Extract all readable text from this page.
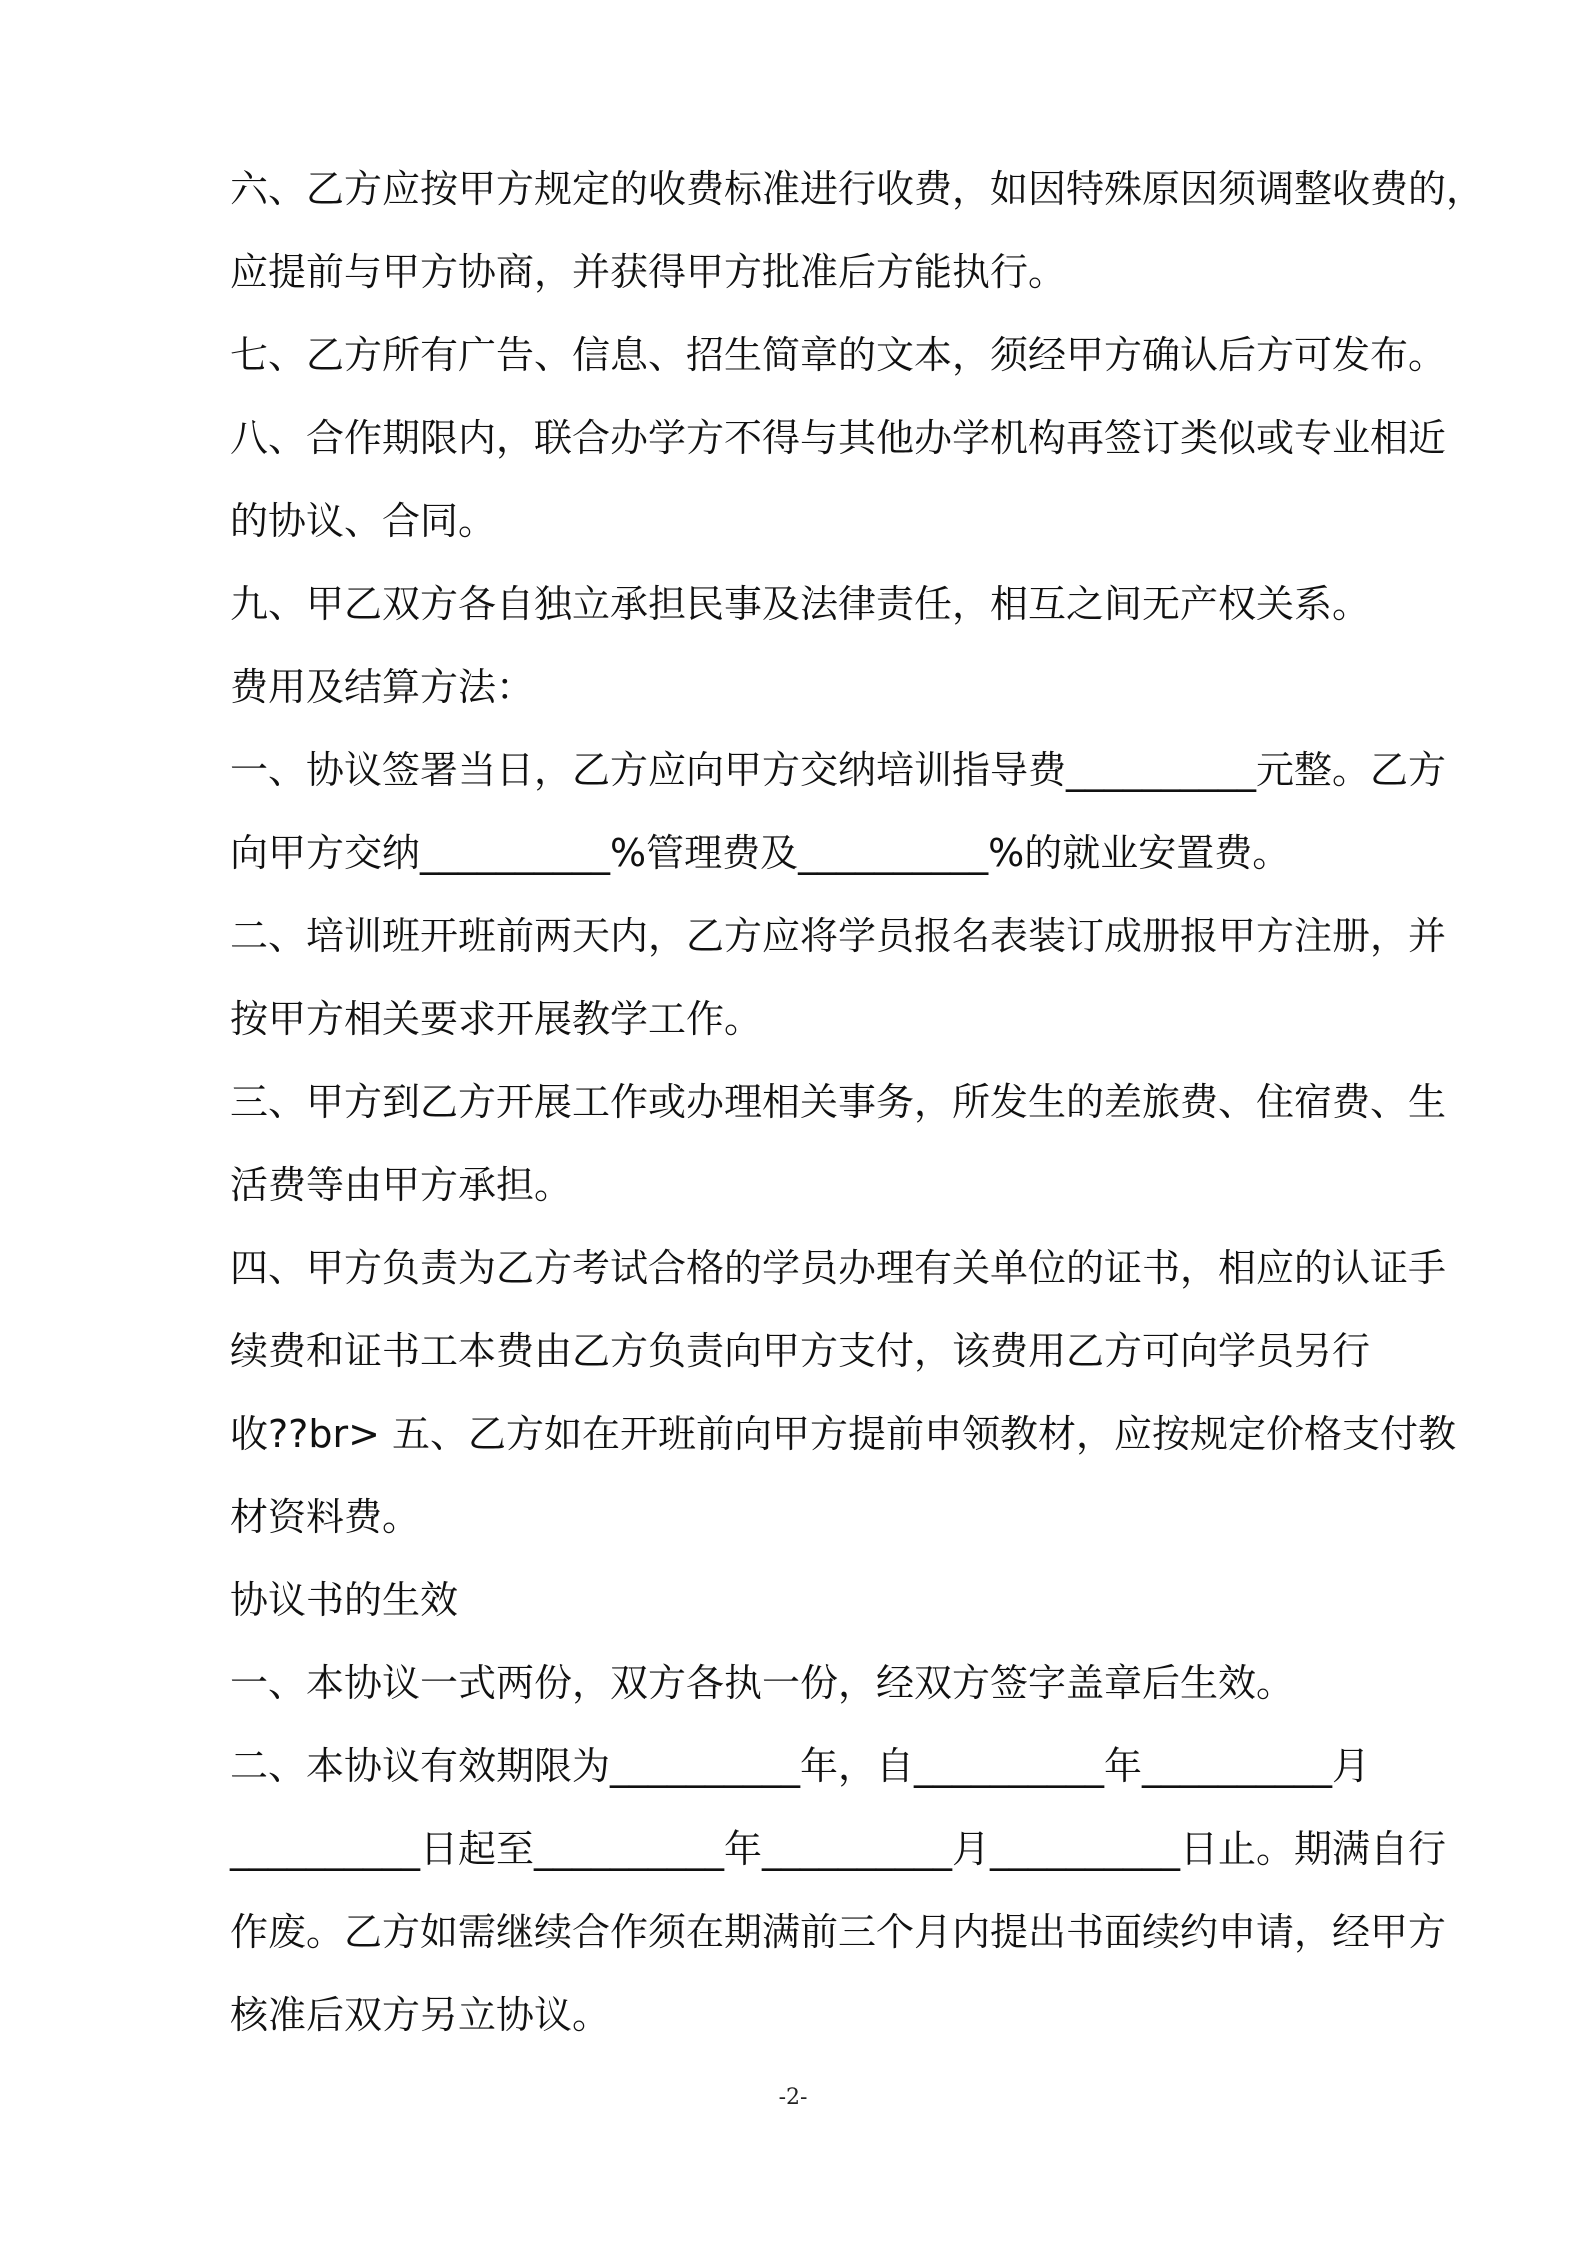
六、乙方应按甲方规定的收费标准进行收费，如因特殊原因须调整收费的，
应提前与甲方协商，并获得甲方批准后方能执行。
七、乙方所有广告、信息、招生简章的文本，须经甲方确认后方可发布。
八、合作期限内，联合办学方不得与其他办学机构再签订类似或专业相近
的协议、合同。
九、甲乙双方各自独立承担民事及法律责任，相互之间无产权关系。
费用及结算方法：
一、协议签署当日，乙方应向甲方交纳培训指导费__________元整。乙方
向甲方交纳__________%管理费及__________%的就业安置费。
二、培训班开班前两天内，乙方应将学员报名表装订成册报甲方注册，并
按甲方相关要求开展教学工作。
三、甲方到乙方开展工作或办理相关事务，所发生的差旅费、住宿费、生
活费等由甲方承担。
四、甲方负责为乙方考试合格的学员办理有关单位的证书，相应的认证手
续费和证书工本费由乙方负责向甲方支付，该费用乙方可向学员另行
收??br> 五、乙方如在开班前向甲方提前申领教材，应按规定价格支付教
材资料费。
协议书的生效
一、本协议一式两份，双方各执一份，经双方签字盖章后生效。
二、本协议有效期限为__________年，自__________年__________月
__________日起至__________年__________月__________日止。期满自行
作废。乙方如需继续合作须在期满前三个月内提出书面续约申请，经甲方
核准后双方另立协议。
-2-
